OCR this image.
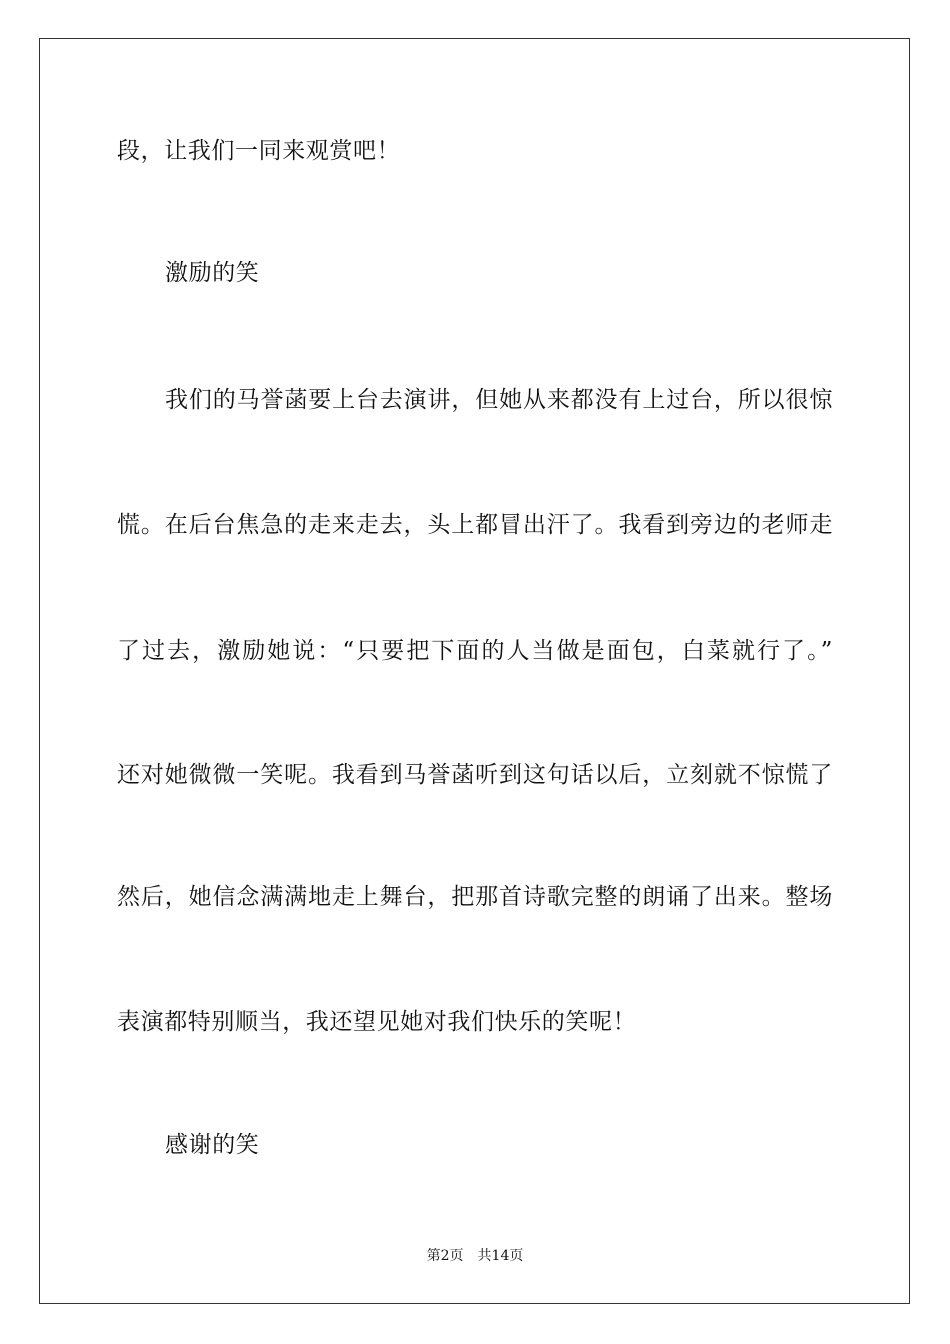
段，让我们一同来观赏吧！
激励的笑
我们的马誉菡要上台去演讲，但她从来都没有上过台，所以很惊
慌。在后台焦急的走来走去，头上都冒出汗了。我看到旁边的老师走
了过去，激励她说：“只要把下面的人当做是面包，白菜就行了。”
还对她微微一笑呢。我看到马誉菡听到这句话以后，立刻就不惊慌了
然后，她信念满满地走上舞台，把那首诗歌完整的朗诵了出来。整场
表演都特别顺当，我还望见她对我们快乐的笑呢！
感谢的笑
第2页 共14页
